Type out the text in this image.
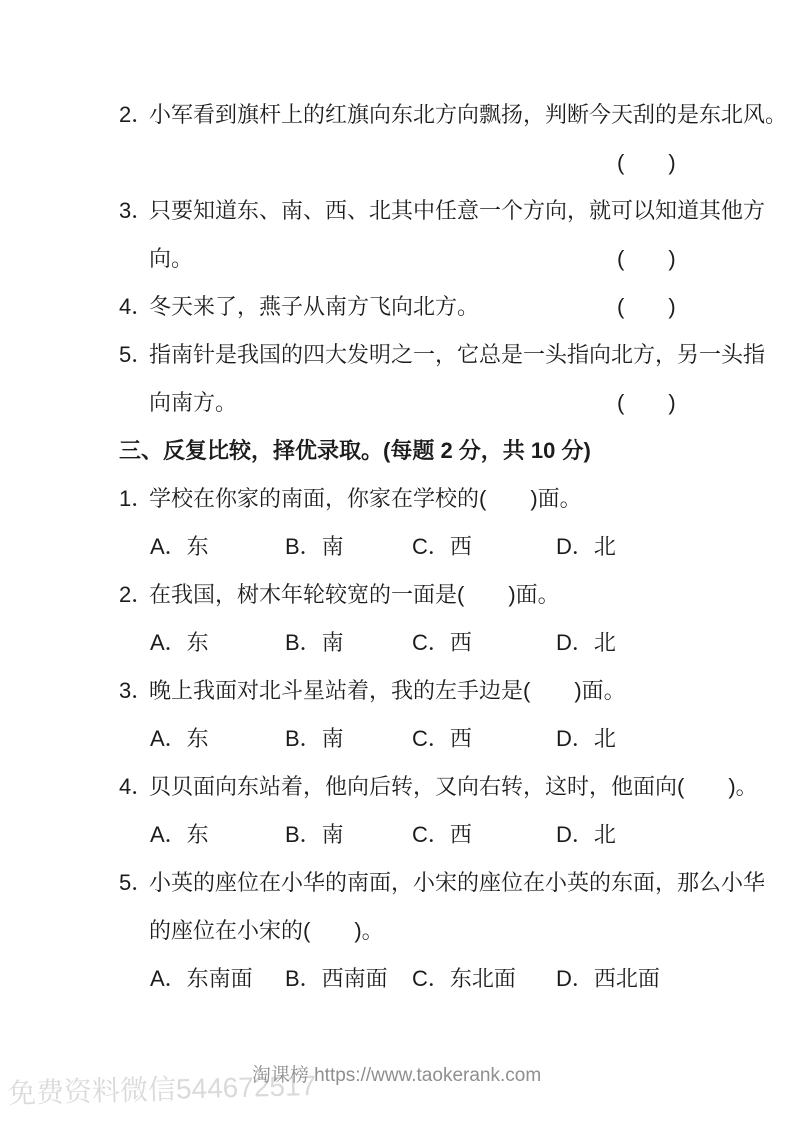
2．小军看到旗杆上的红旗向东北方向飘扬，判断今天刮的是东北风。
(　　)
3．只要知道东、南、西、北其中任意一个方向，就可以知道其他方
向。	(　　)
4．冬天来了，燕子从南方飞向北方。	(　　)
5．指南针是我国的四大发明之一，它总是一头指向北方，另一头指
向南方。	(　　)
三、反复比较，择优录取。(每题 2 分，共 10 分)
1．学校在你家的南面，你家在学校的(　　)面。
A．东	B．南	C．西	D．北
2．在我国，树木年轮较宽的一面是(　　)面。
A．东	B．南	C．西	D．北
3．晚上我面对北斗星站着，我的左手边是(　　)面。
A．东	B．南	C．西	D．北
4．贝贝面向东站着，他向后转，又向右转，这时，他面向(　　)。
A．东	B．南	C．西	D．北
5．小英的座位在小华的南面，小宋的座位在小英的东面，那么小华
的座位在小宋的(　　)。
A．东南面	B．西南面	C．东北面	D．西北面
免费资料微信544672517
淘课榜 https://www.taokerank.com
